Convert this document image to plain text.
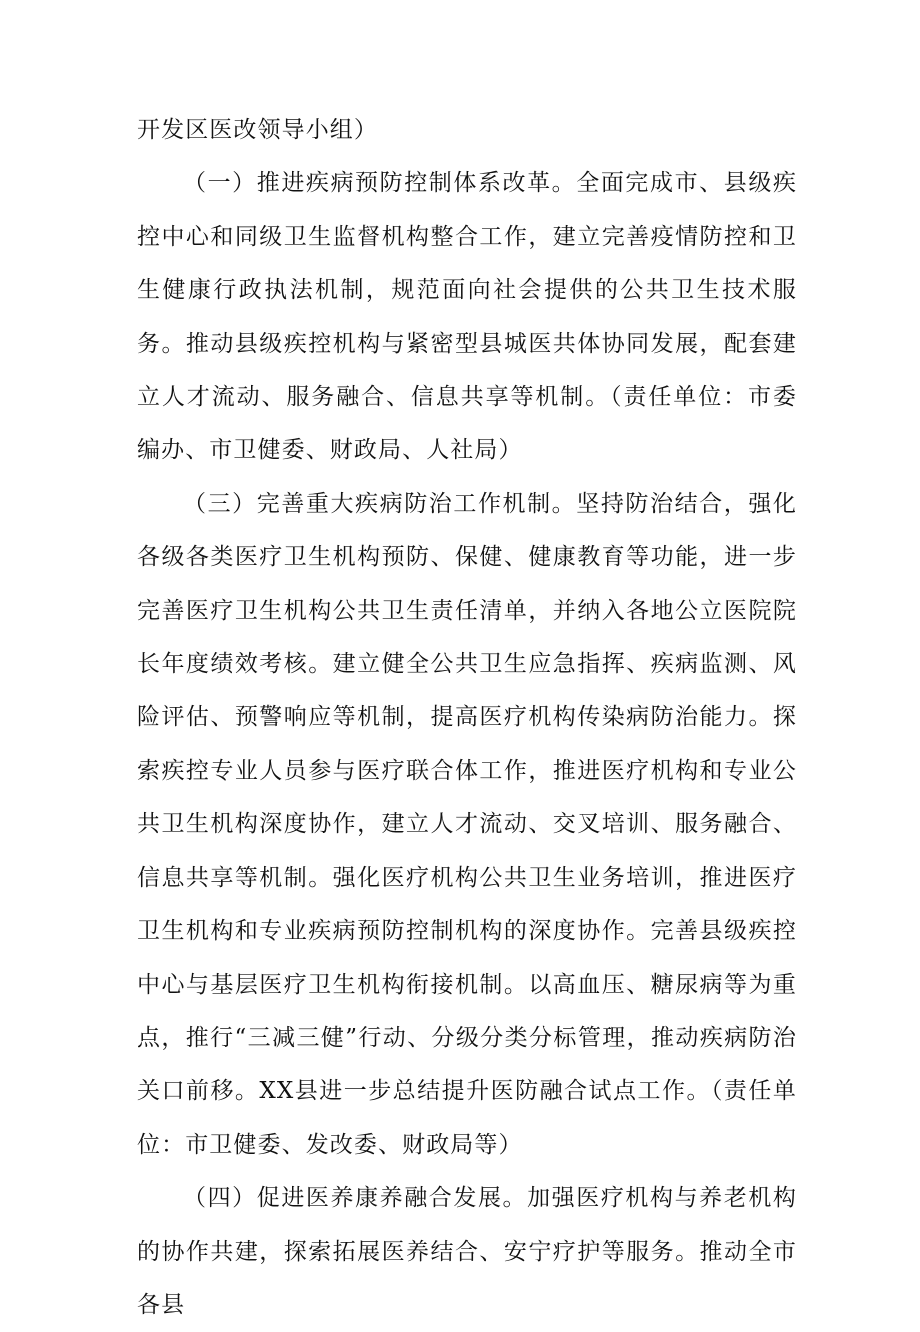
开发区医改领导小组）

（一）推进疾病预防控制体系改革。全面完成市、县级疾控中心和同级卫生监督机构整合工作，建立完善疫情防控和卫生健康行政执法机制，规范面向社会提供的公共卫生技术服务。推动县级疾控机构与紧密型县城医共体协同发展，配套建立人才流动、服务融合、信息共享等机制。（责任单位：市委编办、市卫健委、财政局、人社局）

（三）完善重大疾病防治工作机制。坚持防治结合，强化各级各类医疗卫生机构预防、保健、健康教育等功能，进一步完善医疗卫生机构公共卫生责任清单，并纳入各地公立医院院长年度绩效考核。建立健全公共卫生应急指挥、疾病监测、风险评估、预警响应等机制，提高医疗机构传染病防治能力。探索疾控专业人员参与医疗联合体工作，推进医疗机构和专业公共卫生机构深度协作，建立人才流动、交叉培训、服务融合、信息共享等机制。强化医疗机构公共卫生业务培训，推进医疗卫生机构和专业疾病预防控制机构的深度协作。完善县级疾控中心与基层医疗卫生机构衔接机制。以高血压、糖尿病等为重点，推行“三减三健”行动、分级分类分标管理，推动疾病防治关口前移。XX县进一步总结提升医防融合试点工作。（责任单位：市卫健委、发改委、财政局等）

（四）促进医养康养融合发展。加强医疗机构与养老机构的协作共建，探索拓展医养结合、安宁疗护等服务。推动全市各县
